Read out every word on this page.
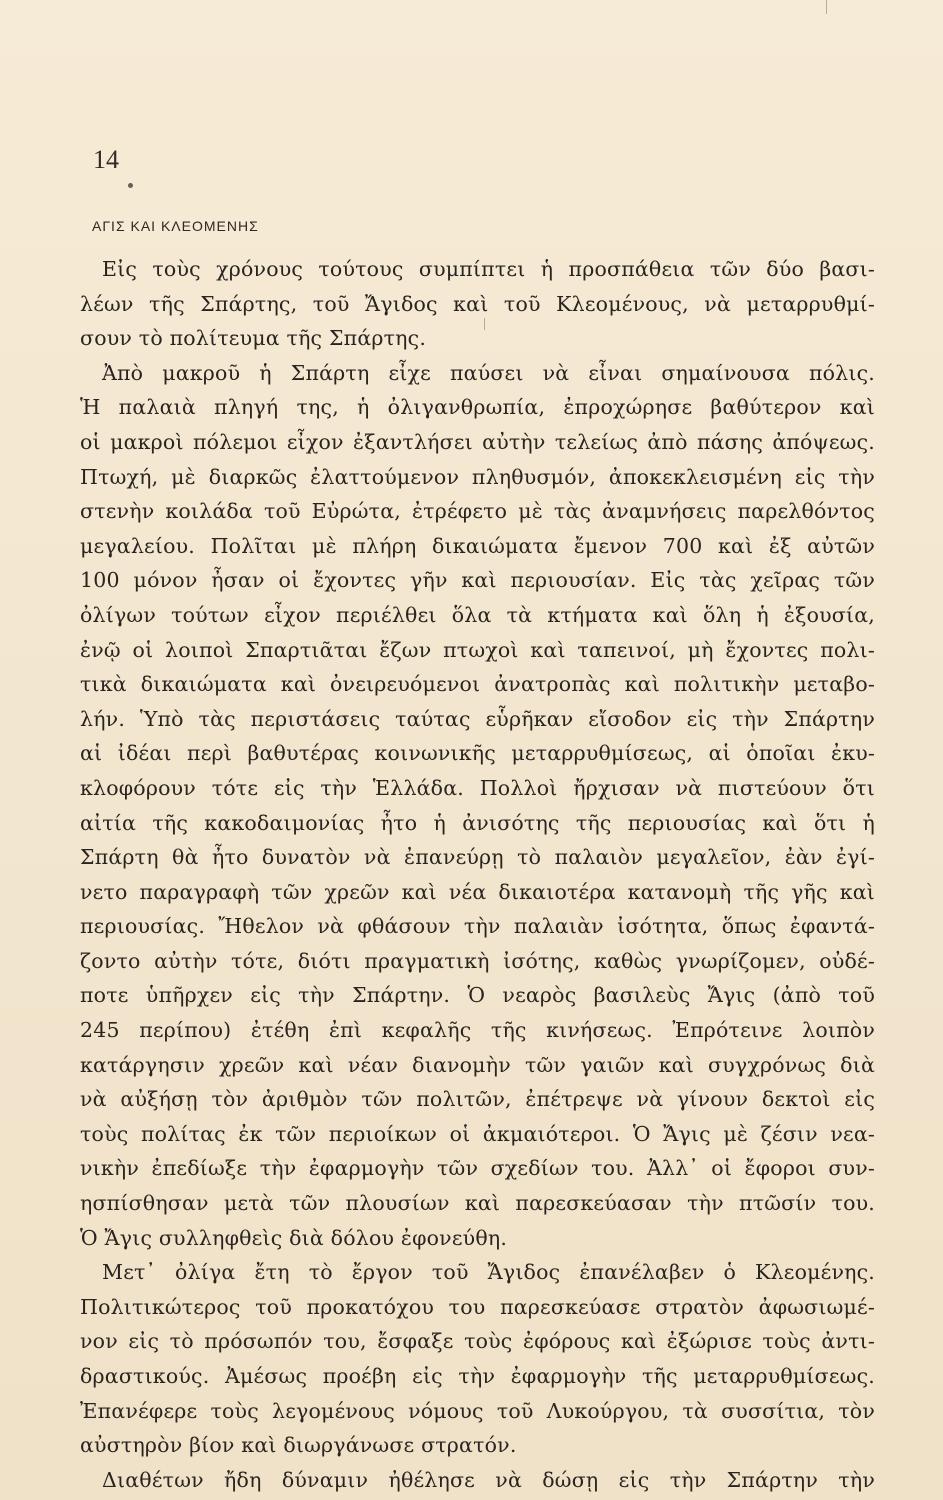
14
ΑΓΙΣ ΚΑΙ ΚΛΕΟΜΕΝΗΣ
Εἰς τοὺς χρόνους τούτους συμπίπτει ἡ προσπάθεια τῶν δύο βασι-
λέων τῆς Σπάρτης, τοῦ Ἄγιδος καὶ τοῦ Κλεομένους, νὰ μεταρρυθμί-
σουν τὸ πολίτευμα τῆς Σπάρτης.
Ἀπὸ μακροῦ ἡ Σπάρτη εἶχε παύσει νὰ εἶναι σημαίνουσα πόλις.
Ἡ παλαιὰ πληγή της, ἡ ὀλιγανθρωπία, ἐπροχώρησε βαθύτερον καὶ
οἱ μακροὶ πόλεμοι εἶχον ἐξαντλήσει αὐτὴν τελείως ἀπὸ πάσης ἀπόψεως.
Πτωχή, μὲ διαρκῶς ἐλαττούμενον πληθυσμόν, ἀποκεκλεισμένη εἰς τὴν
στενὴν κοιλάδα τοῦ Εὐρώτα, ἐτρέφετο μὲ τὰς ἀναμνήσεις παρελθόντος
μεγαλείου. Πολῖται μὲ πλήρη δικαιώματα ἔμενον 700 καὶ ἐξ αὐτῶν
100 μόνον ἦσαν οἱ ἔχοντες γῆν καὶ περιουσίαν. Εἰς τὰς χεῖρας τῶν
ὀλίγων τούτων εἶχον περιέλθει ὅλα τὰ κτήματα καὶ ὅλη ἡ ἐξουσία,
ἐνῷ οἱ λοιποὶ Σπαρτιᾶται ἔζων πτωχοὶ καὶ ταπεινοί, μὴ ἔχοντες πολι-
τικὰ δικαιώματα καὶ ὀνειρευόμενοι ἀνατροπὰς καὶ πολιτικὴν μεταβο-
λήν. Ὑπὸ τὰς περιστάσεις ταύτας εὗρῆκαν εἴσοδον εἰς τὴν Σπάρτην
αἱ ἰδέαι περὶ βαθυτέρας κοινωνικῆς μεταρρυθμίσεως, αἱ ὁποῖαι ἐκυ-
κλοφόρουν τότε εἰς τὴν Ἑλλάδα. Πολλοὶ ἤρχισαν νὰ πιστεύουν ὅτι
αἰτία τῆς κακοδαιμονίας ἦτο ἡ ἀνισότης τῆς περιουσίας καὶ ὅτι ἡ
Σπάρτη θὰ ἦτο δυνατὸν νὰ ἐπανεύρῃ τὸ παλαιὸν μεγαλεῖον, ἐὰν ἐγί-
νετο παραγραφὴ τῶν χρεῶν καὶ νέα δικαιοτέρα κατανομὴ τῆς γῆς καὶ
περιουσίας. Ἤθελον νὰ φθάσουν τὴν παλαιὰν ἰσότητα, ὅπως ἐφαντά-
ζοντο αὐτὴν τότε, διότι πραγματικὴ ἰσότης, καθὼς γνωρίζομεν, οὐδέ-
ποτε ὑπῆρχεν εἰς τὴν Σπάρτην. Ὁ νεαρὸς βασιλεὺς Ἄγις (ἀπὸ τοῦ
245 περίπου) ἐτέθη ἐπὶ κεφαλῆς τῆς κινήσεως. Ἐπρότεινε λοιπὸν
κατάργησιν χρεῶν καὶ νέαν διανομὴν τῶν γαιῶν καὶ συγχρόνως διὰ
νὰ αὐξήσῃ τὸν ἀριθμὸν τῶν πολιτῶν, ἐπέτρεψε νὰ γίνουν δεκτοὶ εἰς
τοὺς πολίτας ἐκ τῶν περιοίκων οἱ ἀκμαιότεροι. Ὁ Ἄγις μὲ ζέσιν νεα-
νικὴν ἐπεδίωξε τὴν ἐφαρμογὴν τῶν σχεδίων του. Ἀλλ᾿ οἱ ἔφοροι συν-
ησπίσθησαν μετὰ τῶν πλουσίων καὶ παρεσκεύασαν τὴν πτῶσίν του.
Ὁ Ἄγις συλληφθεὶς διὰ δόλου ἐφονεύθη.
Μετ᾿ ὀλίγα ἔτη τὸ ἔργον τοῦ Ἄγιδος ἐπανέλαβεν ὁ Κλεομένης.
Πολιτικώτερος τοῦ προκατόχου του παρεσκεύασε στρατὸν ἀφωσιωμέ-
νον εἰς τὸ πρόσωπόν του, ἔσφαξε τοὺς ἐφόρους καὶ ἐξώρισε τοὺς ἀντι-
δραστικούς. Ἀμέσως προέβη εἰς τὴν ἐφαρμογὴν τῆς μεταρρυθμίσεως.
Ἐπανέφερε τοὺς λεγομένους νόμους τοῦ Λυκούργου, τὰ συσσίτια, τὸν
αὐστηρὸν βίον καὶ διωργάνωσε στρατόν.
Διαθέτων ἤδη δύναμιν ἠθέλησε νὰ δώσῃ εἰς τὴν Σπάρτην τὴν
